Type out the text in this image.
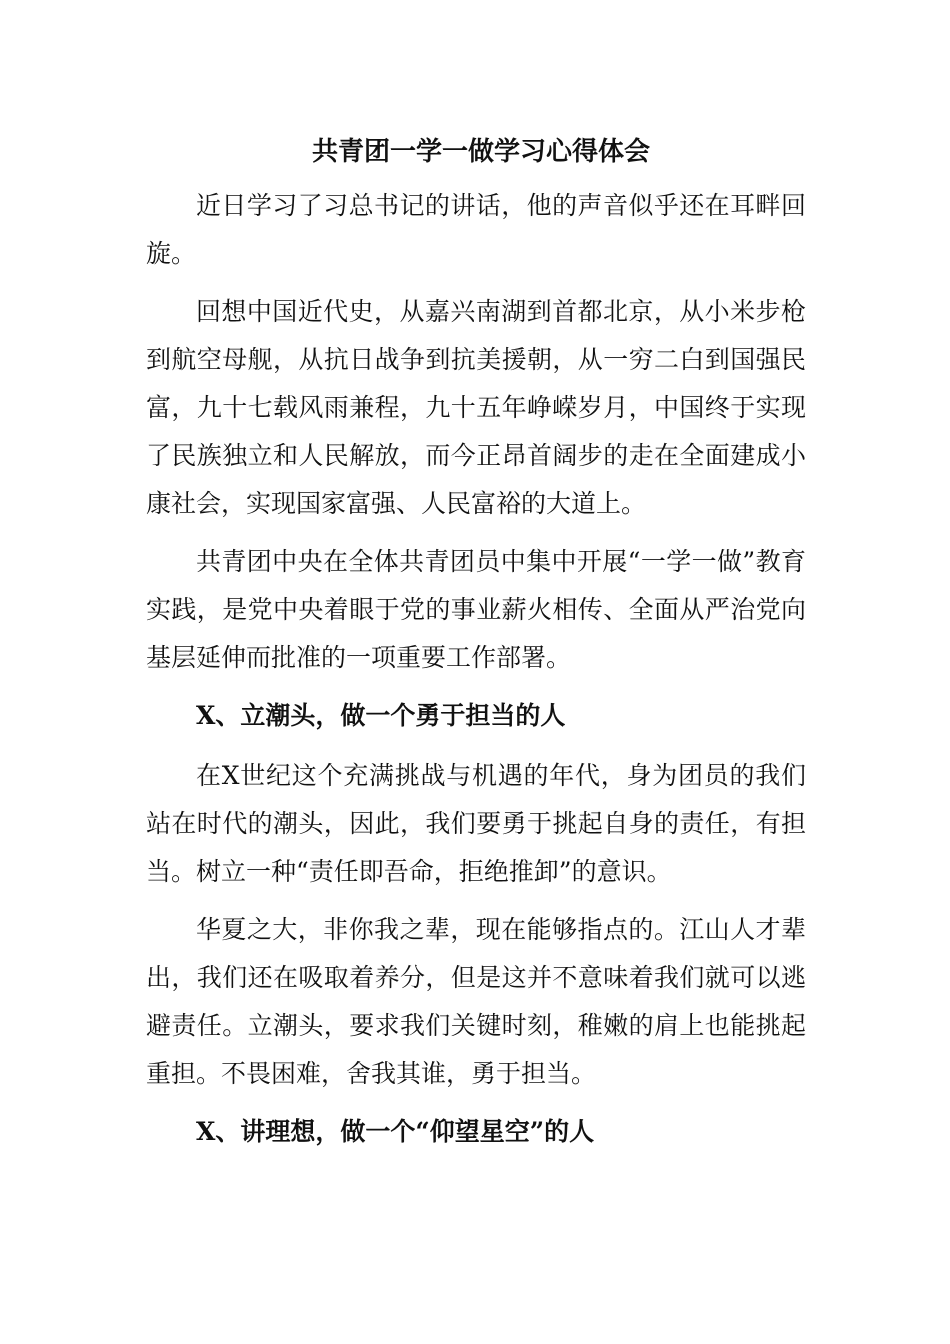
共青团一学一做学习心得体会

近日学习了习总书记的讲话，他的声音似乎还在耳畔回旋。

回想中国近代史，从嘉兴南湖到首都北京，从小米步枪到航空母舰，从抗日战争到抗美援朝，从一穷二白到国强民富，九十七载风雨兼程，九十五年峥嵘岁月，中国终于实现了民族独立和人民解放，而今正昂首阔步的走在全面建成小康社会，实现国家富强、人民富裕的大道上。

共青团中央在全体共青团员中集中开展“一学一做”教育实践，是党中央着眼于党的事业薪火相传、全面从严治党向基层延伸而批准的一项重要工作部署。

X、立潮头，做一个勇于担当的人

在X世纪这个充满挑战与机遇的年代，身为团员的我们站在时代的潮头，因此，我们要勇于挑起自身的责任，有担当。树立一种“责任即吾命，拒绝推卸”的意识。

华夏之大，非你我之辈，现在能够指点的。江山人才辈出，我们还在吸取着养分，但是这并不意味着我们就可以逃避责任。立潮头，要求我们关键时刻，稚嫩的肩上也能挑起重担。不畏困难，舍我其谁，勇于担当。

X、讲理想，做一个“仰望星空”的人
